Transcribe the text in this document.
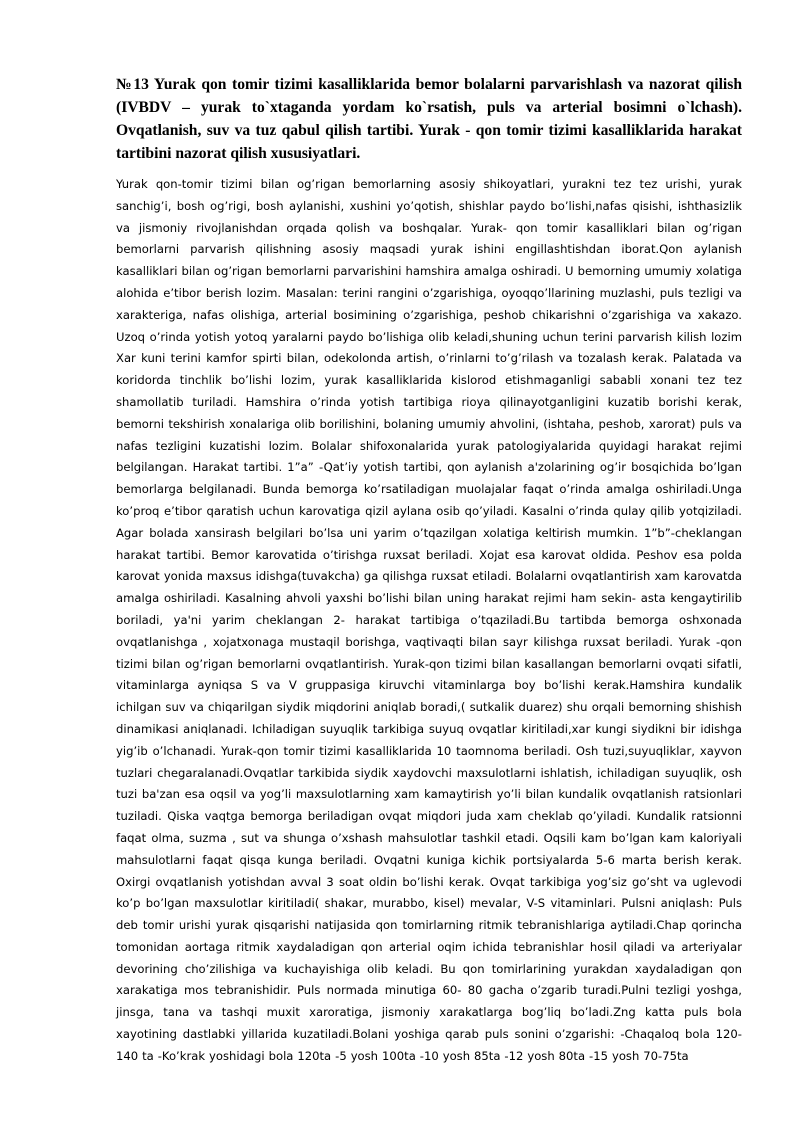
№13 Yurak qon tomir tizimi kasalliklarida bemor bolalarni parvarishlash va nazorat qilish (IVBDV – yurak to`xtaganda yordam ko`rsatish, puls va arterial bosimni o`lchash). Ovqatlanish, suv va tuz qabul qilish tartibi. Yurak - qon tomir tizimi kasalliklarida harakat tartibini nazorat qilish xususiyatlari.

Yurak qon-tomir tizimi bilan og’rigan bemorlarning asosiy shikoyatlari, yurakni tez tez urishi, yurak sanchig’i, bosh og’rigi, bosh aylanishi, xushini yo’qotish, shishlar paydo bo’lishi,nafas qisishi, ishthasizlik va jismoniy rivojlanishdan orqada qolish va boshqalar. Yurak- qon tomir kasalliklari bilan og’rigan bemorlarni parvarish qilishning asosiy maqsadi yurak ishini engillashtishdan iborat.Qon aylanish kasalliklari bilan og’rigan bemorlarni parvarishini hamshira amalga oshiradi. U bemorning umumiy xolatiga alohida e’tibor berish lozim. Masalan: terini rangini o’zgarishiga, oyoqqo’llarining muzlashi, puls tezligi va xarakteriga, nafas olishiga, arterial bosimining o’zgarishiga, peshob chikarishni o’zgarishiga va xakazo. Uzoq o’rinda yotish yotoq yaralarni paydo bo’lishiga olib keladi,shuning uchun terini parvarish kilish lozim Xar kuni terini kamfor spirti bilan, odekolonda artish, o’rinlarni to’g’rilash va tozalash kerak. Palatada va koridorda tinchlik bo’lishi lozim, yurak kasalliklarida kislorod etishmaganligi sababli xonani tez tez shamollatib turiladi. Hamshira o’rinda yotish tartibiga rioya qilinayotganligini kuzatib borishi kerak, bemorni tekshirish xonalariga olib borilishini, bolaning umumiy ahvolini, (ishtaha, peshob, xarorat) puls va nafas tezligini kuzatishi lozim. Bolalar shifoxonalarida yurak patologiyalarida quyidagi harakat rejimi belgilangan. Harakat tartibi. 1”a” -Qat’iy yotish tartibi, qon aylanish a'zolarining og’ir bosqichida bo’lgan bemorlarga belgilanadi. Bunda bemorga ko’rsatiladigan muolajalar faqat o’rinda amalga oshiriladi.Unga ko’proq e’tibor qaratish uchun karovatiga qizil aylana osib qo’yiladi. Kasalni o’rinda qulay qilib yotqiziladi. Agar bolada xansirash belgilari bo’lsa uni yarim o’tqazilgan xolatiga keltirish mumkin. 1”b”-cheklangan harakat tartibi. Bemor karovatida o’tirishga ruxsat beriladi. Xojat esa karovat oldida. Peshov esa polda karovat yonida maxsus idishga(tuvakcha) ga qilishga ruxsat etiladi. Bolalarni ovqatlantirish xam karovatda amalga oshiriladi. Kasalning ahvoli yaxshi bo’lishi bilan uning harakat rejimi ham sekin- asta kengaytirilib boriladi, ya'ni yarim cheklangan 2- harakat tartibiga o’tqaziladi.Bu tartibda bemorga oshxonada ovqatlanishga , xojatxonaga mustaqil borishga, vaqtivaqti bilan sayr kilishga ruxsat beriladi. Yurak -qon tizimi bilan og’rigan bemorlarni ovqatlantirish. Yurak-qon tizimi bilan kasallangan bemorlarni ovqati sifatli, vitaminlarga ayniqsa S va V gruppasiga kiruvchi vitaminlarga boy bo’lishi kerak.Hamshira kundalik ichilgan suv va chiqarilgan siydik miqdorini aniqlab boradi,( sutkalik duarez) shu orqali bemorning shishish dinamikasi aniqlanadi. Ichiladigan suyuqlik tarkibiga suyuq ovqatlar kiritiladi,xar kungi siydikni bir idishga yig’ib o’lchanadi. Yurak-qon tomir tizimi kasalliklarida 10 taomnoma beriladi. Osh tuzi,suyuqliklar, xayvon tuzlari chegaralanadi.Ovqatlar tarkibida siydik xaydovchi maxsulotlarni ishlatish, ichiladigan suyuqlik, osh tuzi ba'zan esa oqsil va yog’li maxsulotlarning xam kamaytirish yo’li bilan kundalik ovqatlanish ratsionlari tuziladi. Qiska vaqtga bemorga beriladigan ovqat miqdori juda xam cheklab qo’yiladi. Kundalik ratsionni faqat olma, suzma , sut va shunga o’xshash mahsulotlar tashkil etadi. Oqsili kam bo’lgan kam kaloriyali mahsulotlarni faqat qisqa kunga beriladi. Ovqatni kuniga kichik portsiyalarda 5-6 marta berish kerak. Oxirgi ovqatlanish yotishdan avval 3 soat oldin bo’lishi kerak. Ovqat tarkibiga yog’siz go’sht va uglevodi ko’p bo’lgan maxsulotlar kiritiladi( shakar, murabbo, kisel) mevalar, V-S vitaminlari. Pulsni aniqlash: Puls deb tomir urishi yurak qisqarishi natijasida qon tomirlarning ritmik tebranishlariga aytiladi.Chap qorincha tomonidan aortaga ritmik xaydaladigan qon arterial oqim ichida tebranishlar hosil qiladi va arteriyalar devorining cho’zilishiga va kuchayishiga olib keladi. Bu qon tomirlarining yurakdan xaydaladigan qon xarakatiga mos tebranishidir. Puls normada minutiga 60- 80 gacha o’zgarib turadi.Pulni tezligi yoshga, jinsga, tana va tashqi muxit xaroratiga, jismoniy xarakatlarga bog’liq bo’ladi.Zng katta puls bola xayotining dastlabki yillarida kuzatiladi.Bolani yoshiga qarab puls sonini o’zgarishi: -Chaqaloq bola 120-140 ta -Ko’krak yoshidagi bola 120ta -5 yosh 100ta -10 yosh 85ta -12 yosh 80ta -15 yosh 70-75ta
